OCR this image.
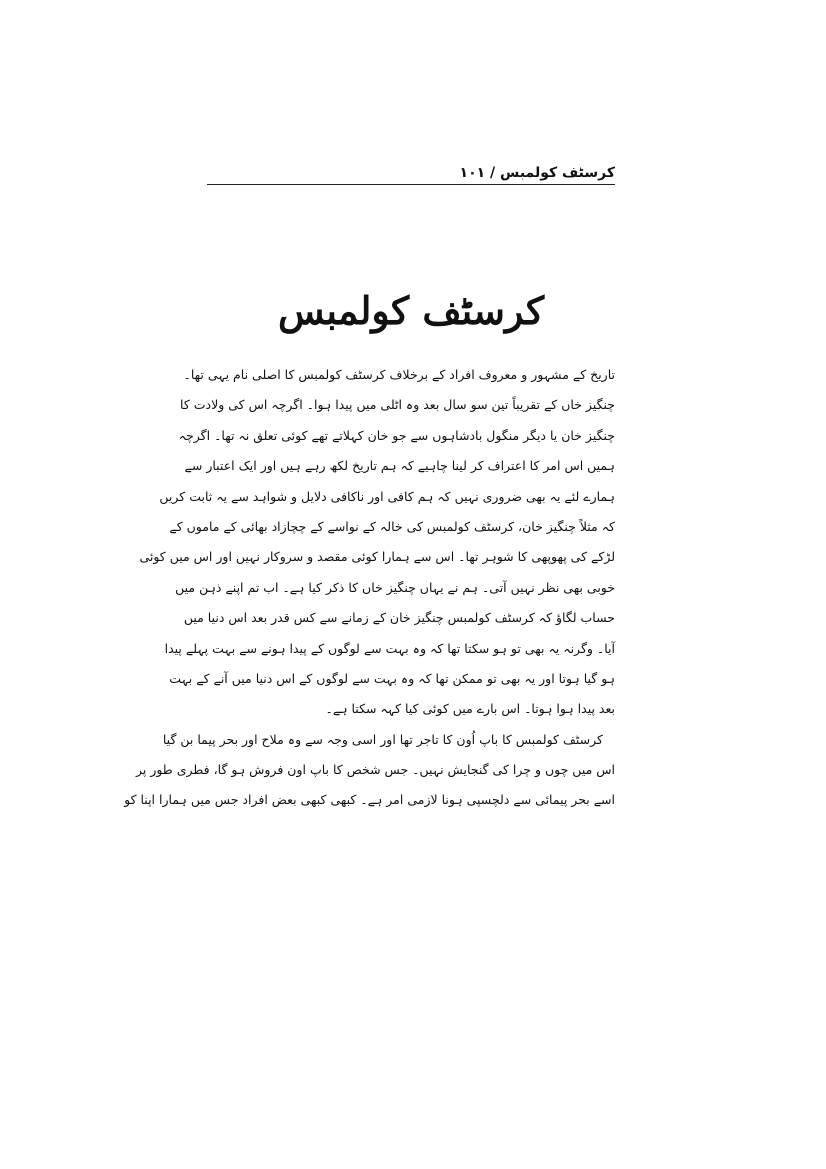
کرسٹف کولمبس / ۱۰۱
کرسٹف کولمبس
تاریخ کے مشہور و معروف افراد کے برخلاف کرسٹف کولمبس کا اصلی نام یہی تھا۔
چنگیز خاں کے تقریباً تین سو سال بعد وہ اٹلی میں پیدا ہوا۔ اگرچہ اس کی ولادت کا
چنگیز خان یا دیگر منگول بادشاہوں سے جو خان کہلاتے تھے کوئی تعلق نہ تھا۔ اگرچہ
ہمیں اس امر کا اعتراف کر لینا چاہیے کہ ہم تاریخ لکھ رہے ہیں اور ایک اعتبار سے
ہمارے لئے یہ بھی ضروری نہیں کہ ہم کافی اور ناکافی دلایل و شواہد سے یہ ثابت کریں
کہ مثلاً چنگیز خان، کرسٹف کولمبس کی خالہ کے نواسے کے چچازاد بھائی کے ماموں کے
لڑکے کی پھوپھی کا شوہر تھا۔ اس سے ہمارا کوئی مقصد و سروکار نہیں اور اس میں کوئی
خوبی بھی نظر نہیں آتی۔ ہم نے یہاں چنگیز خاں کا ذکر کیا ہے۔ اب تم اپنے ذہن میں
حساب لگاؤ کہ کرسٹف کولمبس چنگیز خان کے زمانے سے کس قدر بعد اس دنیا میں
آیا۔ وگرنہ یہ بھی تو ہو سکتا تھا کہ وہ بہت سے لوگوں کے پیدا ہونے سے بہت پہلے پیدا
ہو گیا ہوتا اور یہ بھی تو ممکن تھا کہ وہ بہت سے لوگوں کے اس دنیا میں آنے کے بہت
بعد پیدا ہوا ہوتا۔ اس بارے میں کوئی کیا کہہ سکتا ہے۔
کرسٹف کولمبس کا باپ اُون کا تاجر تھا اور اسی وجہ سے وہ ملاح اور بحر پیما بن گیا
اس میں چوں و چرا کی گنجایش نہیں۔ جس شخص کا باپ اون فروش ہو گا، فطری طور پر
اسے بحر پیمائی سے دلچسپی ہونا لازمی امر ہے۔ کبھی کبھی بعض افراد جس میں ہمارا اپنا کو
